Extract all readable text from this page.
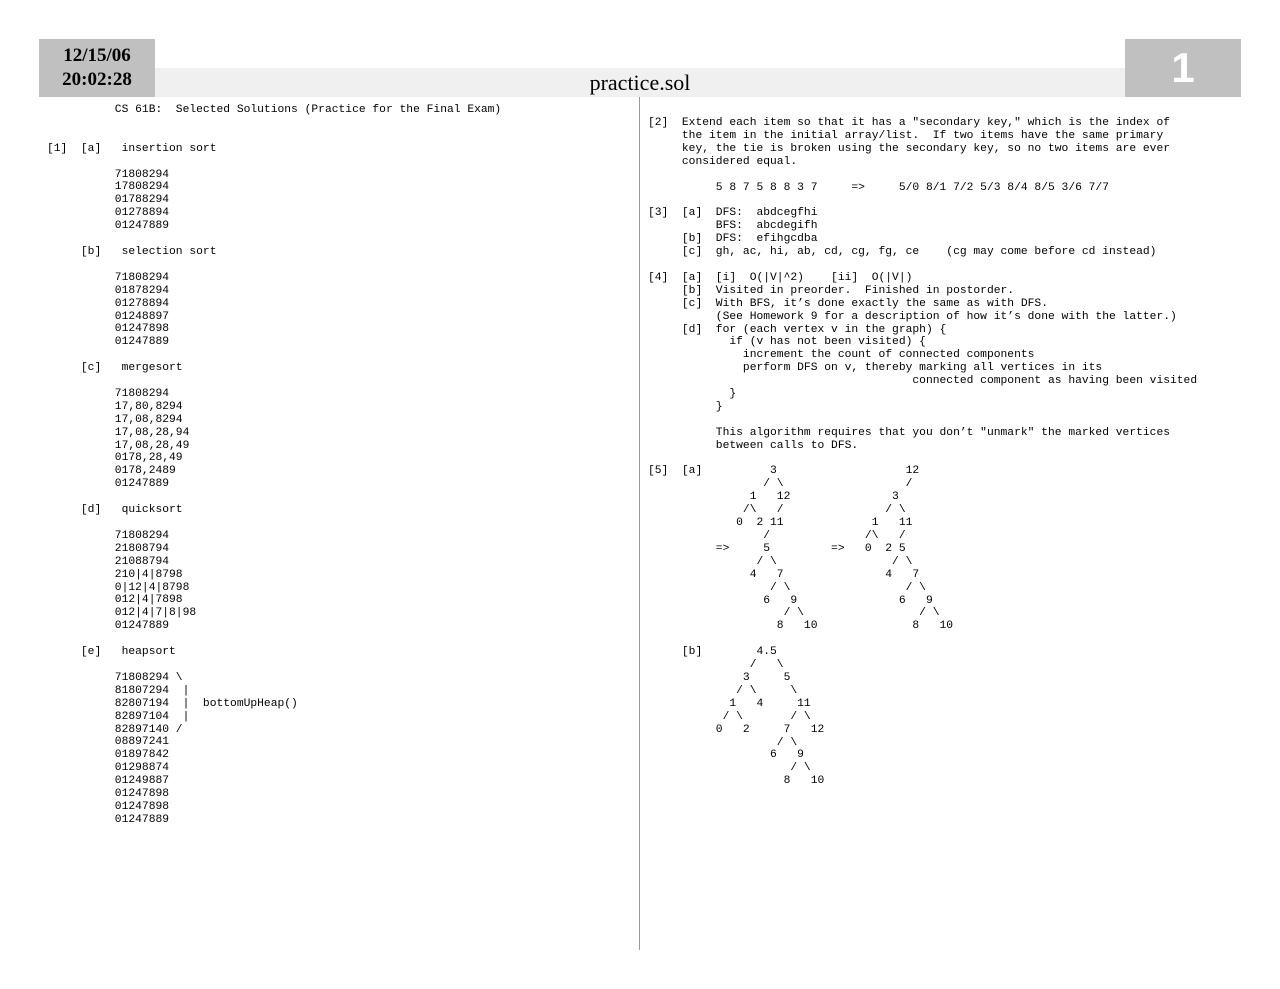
12/15/06
20:02:28	practice.sol	1
CS 61B:  Selected Solutions (Practice for the Final Exam)

[1]  [a]   insertion sort

71808294
17808294
01788294
01278894
01247889

[b]   selection sort

71808294
01878294
01278894
01248897
01247898
01247889

[c]   mergesort

71808294
17,80,8294
17,08,8294
17,08,28,94
17,08,28,49
0178,28,49
0178,2489
01247889

[d]   quicksort

71808294
21808794
21088794
210|4|8798
0|12|4|8798
012|4|7898
012|4|7|8|98
01247889

[e]   heapsort

71808294 \
81807294  |
82807194  |  bottomUpHeap()
82897104  |
82897140 /
08897241
01897842
01298874
01249887
01247898
01247898
01247889
[2]  Extend each item so that it has a "secondary key," which is the index of
the item in the initial array/list.  If two items have the same primary
key, the tie is broken using the secondary key, so no two items are ever
considered equal.

5 8 7 5 8 8 3 7     =>     5/0 8/1 7/2 5/3 8/4 8/5 3/6 7/7

[3]  [a]  DFS:  abdcegfhi
BFS:  abcdegifh
[b]  DFS:  efihgcdba
[c]  gh, ac, hi, ab, cd, cg, fg, ce    (cg may come before cd instead)

[4]  [a]  [i]  O(|V|^2)    [ii]  O(|V|)
[b]  Visited in preorder.  Finished in postorder.
[c]  With BFS, it’s done exactly the same as with DFS.
(See Homework 9 for a description of how it’s done with the latter.)
[d]  for (each vertex v in the graph) {
if (v has not been visited) {
increment the count of connected components
perform DFS on v, thereby marking all vertices in its
connected component as having been visited
}
}

This algorithm requires that you don’t "unmark" the marked vertices
between calls to DFS.

[5]  [a]          3                   12
/ \                  /
1   12               3
/\   /               / \
0  2 11             1   11
/              /\   /
=>     5         =>   0  2 5
/ \                 / \
4   7               4   7
/ \                 / \
6   9               6   9
/ \                 / \
8   10              8   10

[b]        4.5
/   \
3     5
/ \     \
1   4     11
/ \       / \
0   2     7   12
/ \
6   9
/ \
8   10
